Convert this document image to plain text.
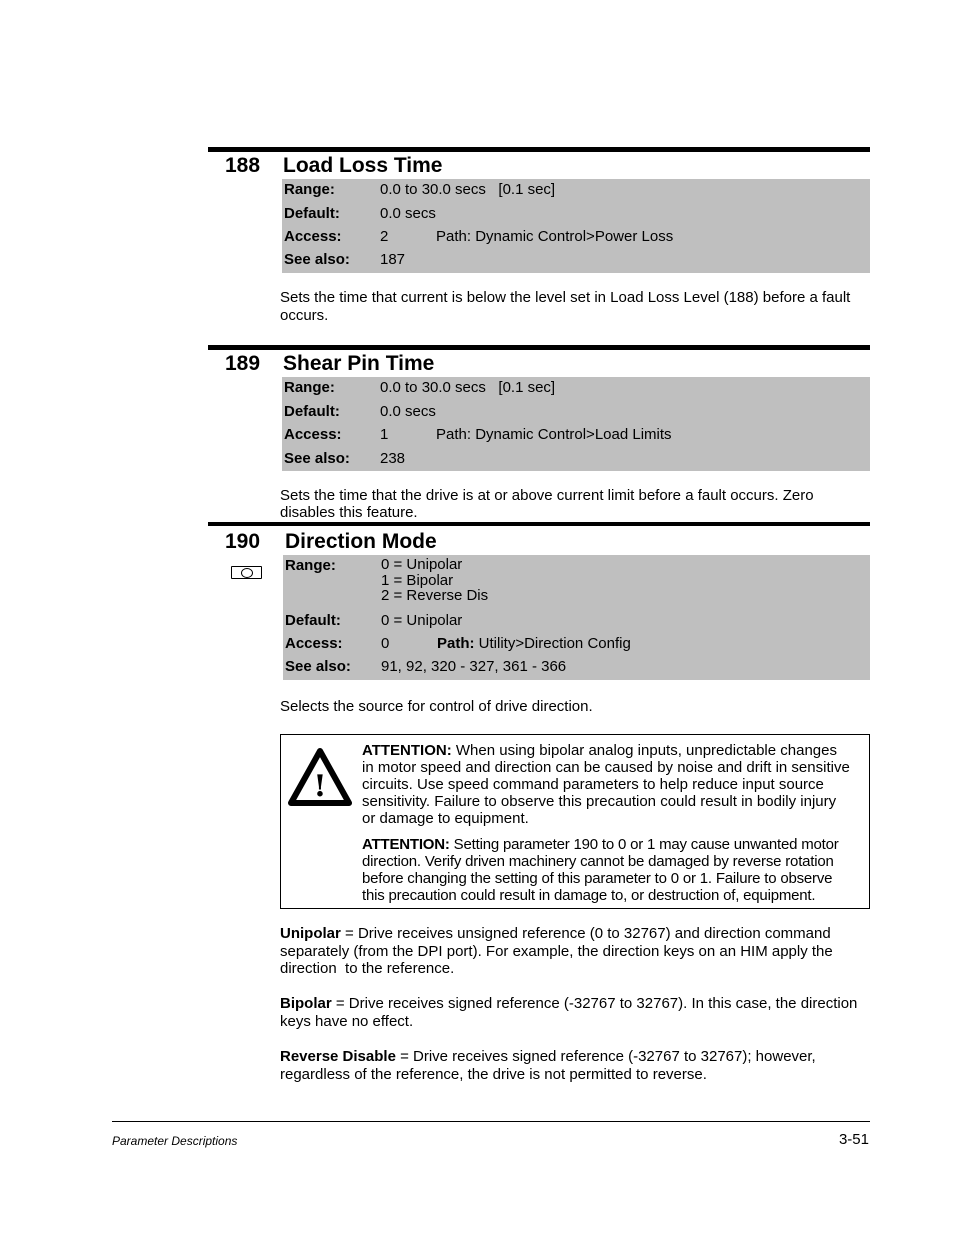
188 Load Loss Time
Range:	0.0 to 30.0 secs   [0.1 sec]
Default:	0.0 secs
Access:	2	Path: Dynamic Control>Power Loss
See also: 187
Sets the time that current is below the level set in Load Loss Level (188) before a fault occurs.
189 Shear Pin Time
Range:	0.0 to 30.0 secs   [0.1 sec]
Default:	0.0 secs
Access:	1	Path: Dynamic Control>Load Limits
See also: 238
Sets the time that the drive is at or above current limit before a fault occurs. Zero disables this feature.
190 Direction Mode
Range:	0 = Unipolar
1 = Bipolar
2 = Reverse Dis
Default:	0 = Unipolar
Access:	0	Path: Utility>Direction Config
See also: 91, 92, 320 - 327, 361 - 366
Selects the source for control of drive direction.
!
ATTENTION: When using bipolar analog inputs, unpredictable changes in motor speed and direction can be caused by noise and drift in sensitive circuits. Use speed command parameters to help reduce input source sensitivity. Failure to observe this precaution could result in bodily injury or damage to equipment.
ATTENTION: Setting parameter 190 to 0 or 1 may cause unwanted motor direction. Verify driven machinery cannot be damaged by reverse rotation before changing the setting of this parameter to 0 or 1. Failure to observe this precaution could result in damage to, or destruction of, equipment.
Unipolar = Drive receives unsigned reference (0 to 32767) and direction command separately (from the DPI port). For example, the direction keys on an HIM apply the direction  to the reference.
Bipolar = Drive receives signed reference (-32767 to 32767). In this case, the direction keys have no effect.
Reverse Disable = Drive receives signed reference (-32767 to 32767); however, regardless of the reference, the drive is not permitted to reverse.
Parameter Descriptions	3-51
